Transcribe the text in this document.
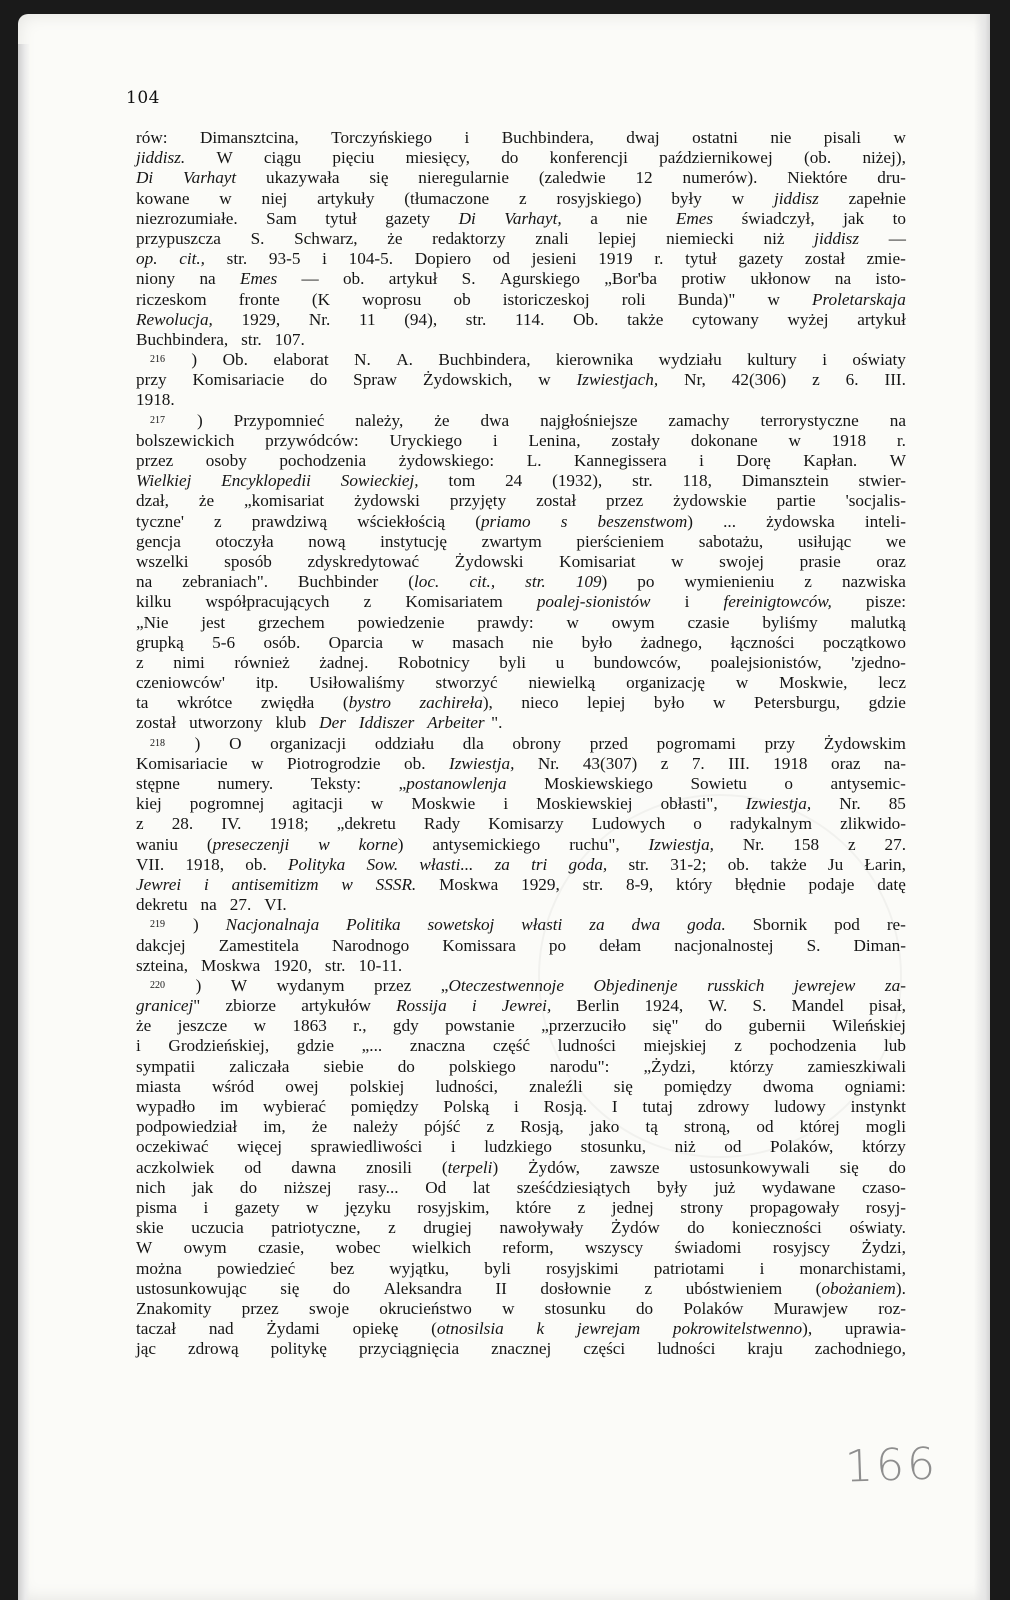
104
rów: Dimansztcina, Torczyńskiego i Buchbindera, dwaj ostatni nie pisali w
jiddisz. W ciągu pięciu miesięcy, do konferencji październikowej (ob. niżej),
Di Varhayt ukazywała się nieregularnie (zaledwie 12 numerów). Niektóre dru-
kowane w niej artykuły (tłumaczone z rosyjskiego) były w jiddisz zapełnie
niezrozumiałe. Sam tytuł gazety Di Varhayt, a nie Emes świadczył, jak to
przypuszcza S. Schwarz, że redaktorzy znali lepiej niemiecki niż jiddisz —
op. cit., str. 93-5 i 104-5. Dopiero od jesieni 1919 r. tytuł gazety został zmie-
niony na Emes — ob. artykuł S. Agurskiego „Bor'ba protiw ukłonow na isto-
riczeskom fronte (K woprosu ob istoriczeskoj roli Bunda)" w Proletarskaja
Rewolucja, 1929, Nr. 11 (94), str. 114. Ob. także cytowany wyżej artykuł
Buchbindera, str. 107.
216 ) Ob. elaborat N. A. Buchbindera, kierownika wydziału kultury i oświaty
przy Komisariacie do Spraw Żydowskich, w Izwiestjach, Nr, 42(306) z 6. III.
1918.
217 ) Przypomnieć należy, że dwa najgłośniejsze zamachy terrorystyczne na
bolszewickich przywódców: Uryckiego i Lenina, zostały dokonane w 1918 r.
przez osoby pochodzenia żydowskiego: L. Kannegissera i Dorę Kapłan. W
Wielkiej Encyklopedii Sowieckiej, tom 24 (1932), str. 118, Dimansztein stwier-
dzał, że „komisariat żydowski przyjęty został przez żydowskie partie 'socjalis-
tyczne' z prawdziwą wściekłością (priamo s beszenstwom) ... żydowska inteli-
gencja otoczyła nową instytucję zwartym pierścieniem sabotażu, usiłując we
wszelki sposób zdyskredytować Żydowski Komisariat w swojej prasie oraz
na zebraniach". Buchbinder (loc. cit., str. 109) po wymienieniu z nazwiska
kilku współpracujących z Komisariatem poalej-sionistów i fereinigtowców, pisze:
„Nie jest grzechem powiedzenie prawdy: w owym czasie byliśmy malutką
grupką 5-6 osób. Oparcia w masach nie było żadnego, łączności początkowo
z nimi również żadnej. Robotnicy byli u bundowców, poalejsionistów, 'zjedno-
czeniowców' itp. Usiłowaliśmy stworzyć niewielką organizację w Moskwie, lecz
ta wkrótce zwiędła (bystro zachireła), nieco lepiej było w Petersburgu, gdzie
został utworzony klub Der Iddiszer Arbeiter ".
218 ) O organizacji oddziału dla obrony przed pogromami przy Żydowskim
Komisariacie w Piotrogrodzie ob. Izwiestja, Nr. 43(307) z 7. III. 1918 oraz na-
stępne numery. Teksty: „postanowlenja Moskiewskiego Sowietu o antysemic-
kiej pogromnej agitacji w Moskwie i Moskiewskiej obłasti", Izwiestja, Nr. 85
z 28. IV. 1918; „dekretu Rady Komisarzy Ludowych o radykalnym zlikwido-
waniu (preseczenji w korne) antysemickiego ruchu", Izwiestja, Nr. 158 z 27.
VII. 1918, ob. Polityka Sow. własti... za tri goda, str. 31-2; ob. także Ju Łarin,
Jewrei i antisemitizm w SSSR. Moskwa 1929, str. 8-9, który błędnie podaje datę
dekretu na 27. VI.
219 ) Nacjonalnaja Politika sowetskoj własti za dwa goda. Sbornik pod re-
dakcjej Zamestitela Narodnogo Komissara po dełam nacjonalnostej S. Diman-
szteina, Moskwa 1920, str. 10-11.
220 ) W wydanym przez „Oteczestwennoje Objedinenje russkich jewrejew za-
granicej" zbiorze artykułów Rossija i Jewrei, Berlin 1924, W. S. Mandel pisał,
że jeszcze w 1863 r., gdy powstanie „przerzuciło się" do gubernii Wileńskiej
i Grodzieńskiej, gdzie „... znaczna część ludności miejskiej z pochodzenia lub
sympatii zaliczała siebie do polskiego narodu": „Żydzi, którzy zamieszkiwali
miasta wśród owej polskiej ludności, znaleźli się pomiędzy dwoma ogniami:
wypadło im wybierać pomiędzy Polską i Rosją. I tutaj zdrowy ludowy instynkt
podpowiedział im, że należy pójść z Rosją, jako tą stroną, od której mogli
oczekiwać więcej sprawiedliwości i ludzkiego stosunku, niż od Polaków, którzy
aczkolwiek od dawna znosili (terpeli) Żydów, zawsze ustosunkowywali się do
nich jak do niższej rasy... Od lat sześćdziesiątych były już wydawane czaso-
pisma i gazety w języku rosyjskim, które z jednej strony propagowały rosyj-
skie uczucia patriotyczne, z drugiej nawoływały Żydów do konieczności oświaty.
W owym czasie, wobec wielkich reform, wszyscy świadomi rosyjscy Żydzi,
można powiedzieć bez wyjątku, byli rosyjskimi patriotami i monarchistami,
ustosunkowując się do Aleksandra II dosłownie z ubóstwieniem (obożaniem).
Znakomity przez swoje okrucieństwo w stosunku do Polaków Murawjew roz-
taczał nad Żydami opiekę (otnosilsia k jewrejam pokrowitelstwenno), uprawia-
jąc zdrową politykę przyciągnięcia znacznej części ludności kraju zachodniego,
166
